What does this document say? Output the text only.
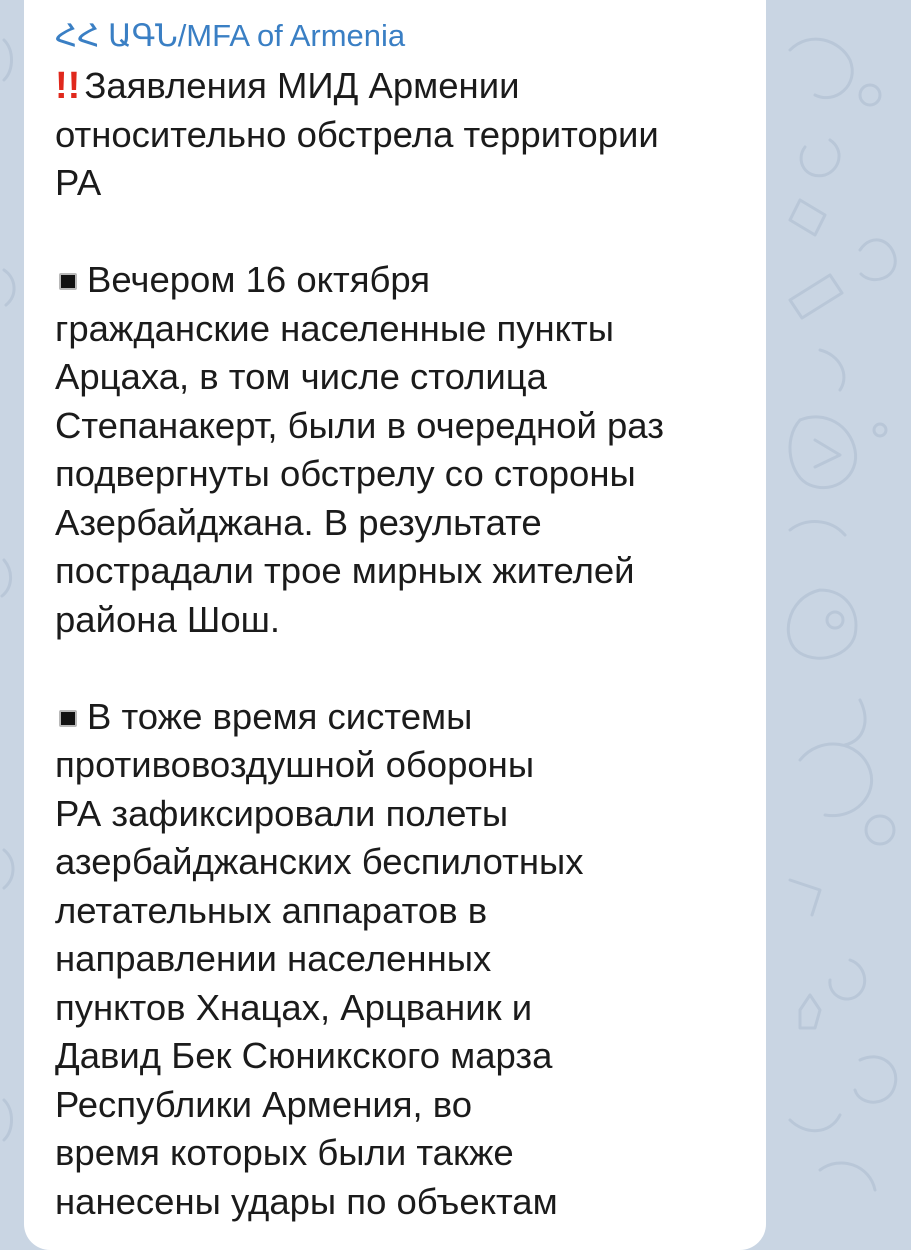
ՀՀ ԱԳՆ/MFA of Armenia
!! Заявления МИД Армении
относительно обстрела территории
РА
Вечером 16 октября
гражданские населенные пункты
Арцаха, в том числе столица
Степанакерт, были в очередной раз
подвергнуты обстрелу со стороны
Азербайджана. В результате
пострадали трое мирных жителей
района Шош.
В тоже время системы
противовоздушной обороны
РА зафиксировали полеты
азербайджанских беспилотных
летательных аппаратов в
направлении населенных
пунктов Хнацах, Арцваник и
Давид Бек Сюникского марза
Республики Армения, во
время которых были также
нанесены удары по объектам
